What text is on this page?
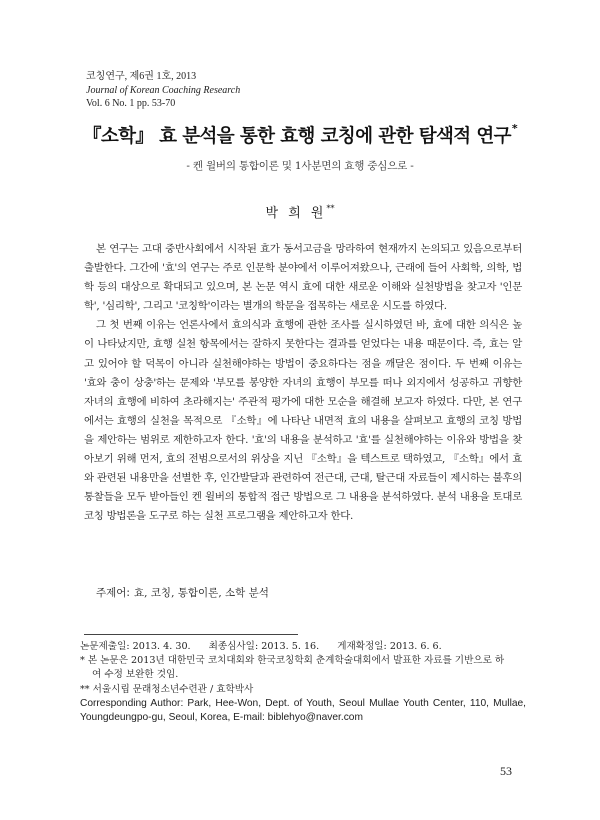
코칭연구, 제6권 1호, 2013
Journal of Korean Coaching Research
Vol. 6 No. 1 pp. 53-70
『소학』 효 분석을 통한 효행 코칭에 관한 탐색적 연구*
- 켄 윌버의 통합이론 및 1사분면의 효행 중심으로 -
박 희 원**

본 연구는 고대 중반사회에서 시작된 효가 동서고금을 망라하여 현재까지 논의되고 있음으로부터 출발한다. 그간에 '효'의 연구는 주로 인문학 분야에서 이루어져왔으나, 근래에 들어 사회학, 의학, 법학 등의 대상으로 확대되고 있으며, 본 논문 역시 효에 대한 새로운 이해와 실천방법을 찾고자 '인문학', '심리학', 그리고 '코칭학'이라는 별개의 학문을 접목하는 새로운 시도를 하였다.

그 첫 번째 이유는 언론사에서 효의식과 효행에 관한 조사를 실시하였던 바, 효에 대한 의식은 높이 나타났지만, 효행 실천 항목에서는 잘하지 못한다는 결과를 얻었다는 내용 때문이다. 즉, 효는 알고 있어야 할 덕목이 아니라 실천해야하는 방법이 중요하다는 점을 깨달은 점이다. 두 번째 이유는 '효와 충이 상충'하는 문제와 '부모를 봉양한 자녀의 효행이 부모를 떠나 외지에서 성공하고 귀향한 자녀의 효행에 비하여 초라해지는' 주관적 평가에 대한 모순을 해결해 보고자 하였다. 다만, 본 연구에서는 효행의 실천을 목적으로 『소학』에 나타난 내면적 효의 내용을 살펴보고 효행의 코칭 방법을 제안하는 범위로 제한하고자 한다. '효'의 내용을 분석하고 '효'를 실천해야하는 이유와 방법을 찾아보기 위해 먼저, 효의 전범으로서의 위상을 지닌 『소학』을 텍스트로 택하였고, 『소학』에서 효와 관련된 내용만을 선별한 후, 인간발달과 관련하여 전근대, 근대, 탈근대 자료들이 제시하는 불후의 통찰들을 모두 받아들인 켄 윌버의 통합적 접근 방법으로 그 내용을 분석하였다. 분석 내용을 토대로 코칭 방법론을 도구로 하는 실천 프로그램을 제안하고자 한다.

주제어: 효, 코칭, 통합이론, 소학 분석

논문제출일: 2013. 4. 30. 최종심사일: 2013. 5. 16. 게재확정일: 2013. 6. 6.

* 본 논문은 2013년 대한민국 코치대회와 한국코칭학회 춘계학술대회에서 발표한 자료를 기반으로 하

여 수정 보완한 것임.

** 서울시립 문래청소년수련관 / 효학박사

Corresponding Author: Park, Hee-Won, Dept. of Youth, Seoul Mullae Youth Center, 110, Mullae, Youngdeungpo-gu, Seoul, Korea, E-mail: biblehyo@naver.com

53
